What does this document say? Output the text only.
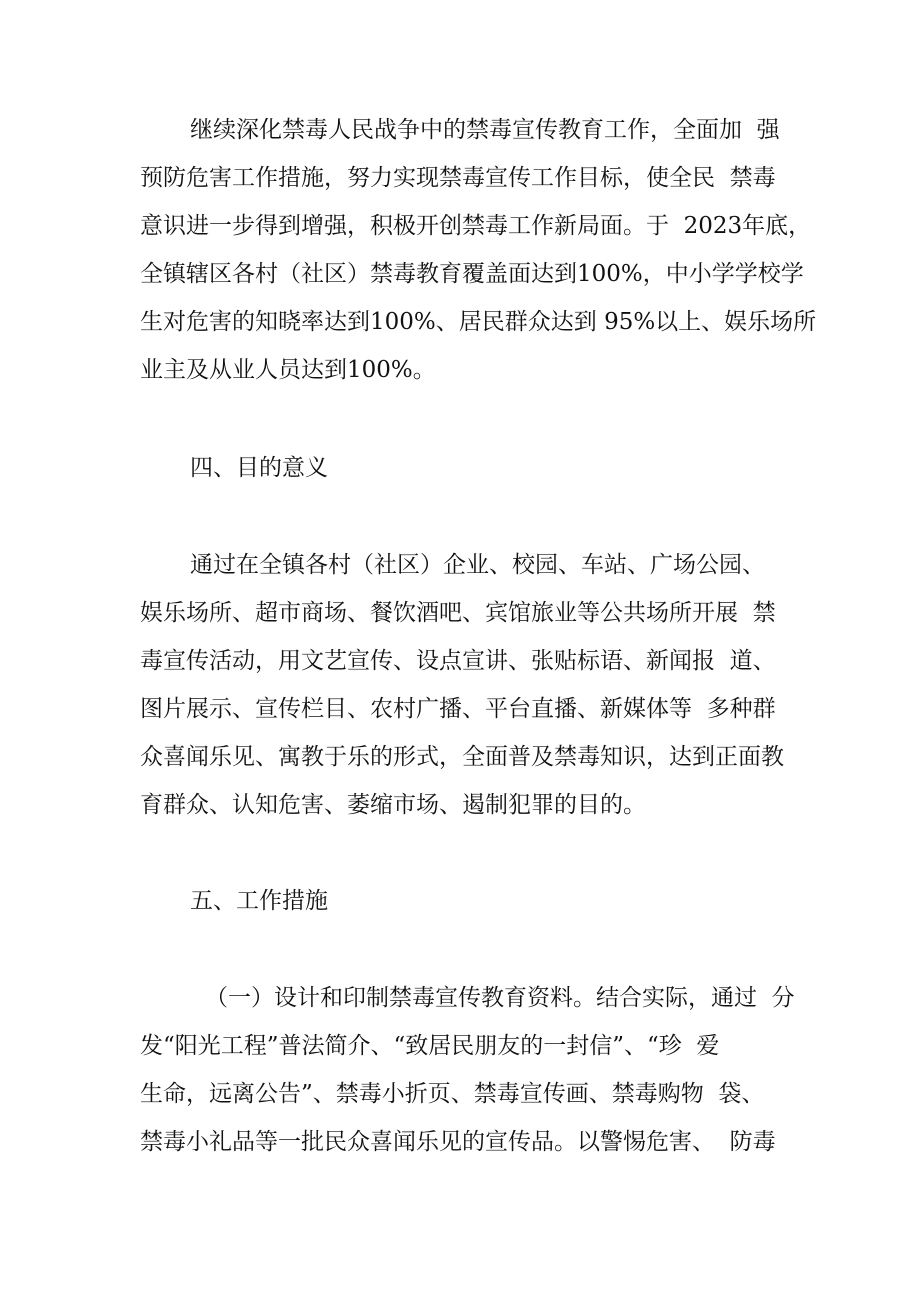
继续深化禁毒人民战争中的禁毒宣传教育工作，全面加  强
预防危害工作措施，努力实现禁毒宣传工作目标，使全民  禁毒
意识进一步得到增强，积极开创禁毒工作新局面。于  2023年底，
全镇辖区各村（社区）禁毒教育覆盖面达到100%，中小学学校学
生对危害的知晓率达到100%、居民群众达到 95%以上、娱乐场所
业主及从业人员达到100%。
四、目的意义
通过在全镇各村（社区）企业、校园、车站、广场公园、
娱乐场所、超市商场、餐饮酒吧、宾馆旅业等公共场所开展  禁
毒宣传活动，用文艺宣传、设点宣讲、张贴标语、新闻报  道、
图片展示、宣传栏目、农村广播、平台直播、新媒体等  多种群
众喜闻乐见、寓教于乐的形式，全面普及禁毒知识，达到正面教
育群众、认知危害、萎缩市场、遏制犯罪的目的。
五、工作措施
（一）设计和印制禁毒宣传教育资料。结合实际，通过  分
发“阳光工程”普法简介、“致居民朋友的一封信”、“珍  爱
生命，远离公告”、禁毒小折页、禁毒宣传画、禁毒购物  袋、
禁毒小礼品等一批民众喜闻乐见的宣传品。以警惕危害、  防毒
